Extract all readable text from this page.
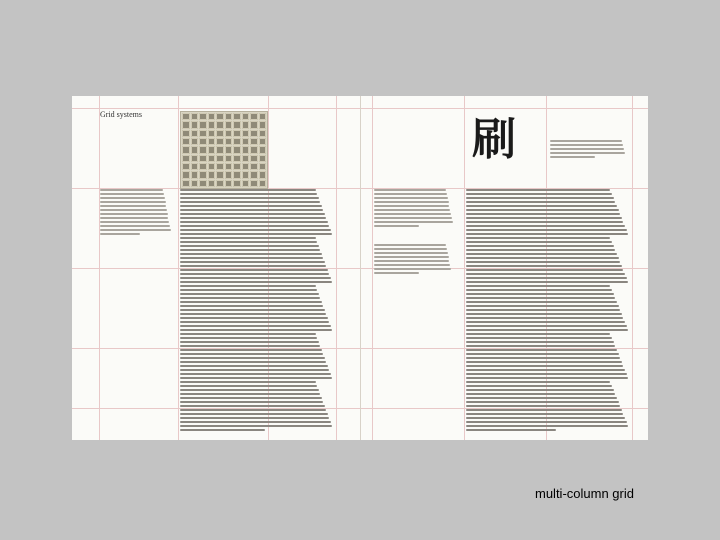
Grid systems	刷
multi-column grid
